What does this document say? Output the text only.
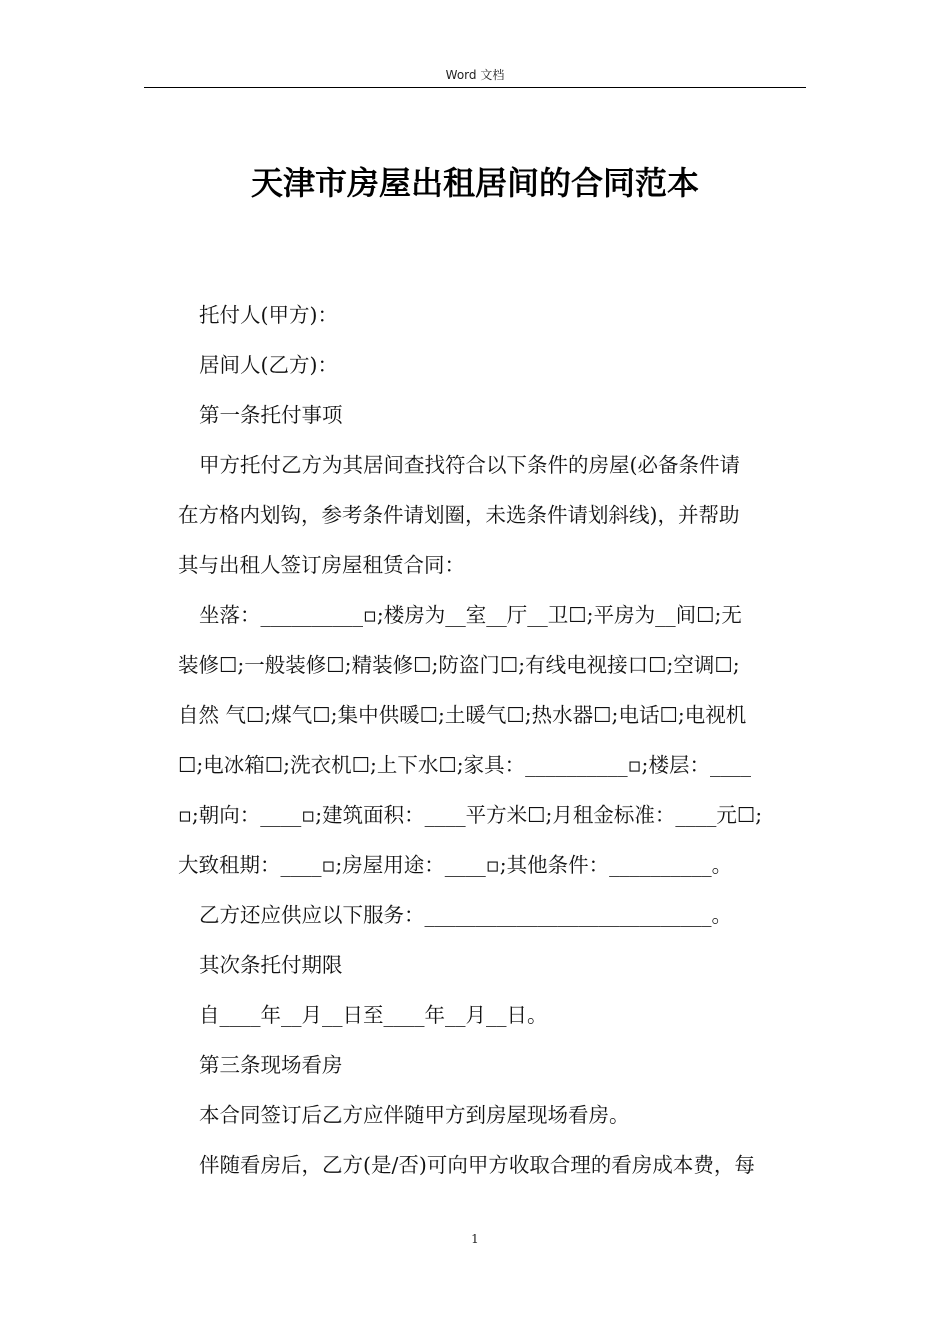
Word 文档
天津市房屋出租居间的合同范本
托付人(甲方)：
居间人(乙方)：
第一条托付事项
甲方托付乙方为其居间查找符合以下条件的房屋(必备条件请
在方格内划钩，参考条件请划圈，未选条件请划斜线)，并帮助
其与出租人签订房屋租赁合同：
坐落：__________▫;楼房为__室__厅__卫☐;平房为__间☐;无
装修☐;一般装修☐;精装修☐;防盗门☐;有线电视接口☐;空调☐;
自然 气☐;煤气☐;集中供暖☐;土暖气☐;热水器☐;电话☐;电视机
☐;电冰箱☐;洗衣机☐;上下水☐;家具：__________▫;楼层：____
▫;朝向：____▫;建筑面积：____平方米☐;月租金标准：____元☐;
大致租期：____▫;房屋用途：____▫;其他条件：__________。
乙方还应供应以下服务：____________________________。
其次条托付期限
自____年__月__日至____年__月__日。
第三条现场看房
本合同签订后乙方应伴随甲方到房屋现场看房。
伴随看房后，乙方(是/否)可向甲方收取合理的看房成本费，每
1
